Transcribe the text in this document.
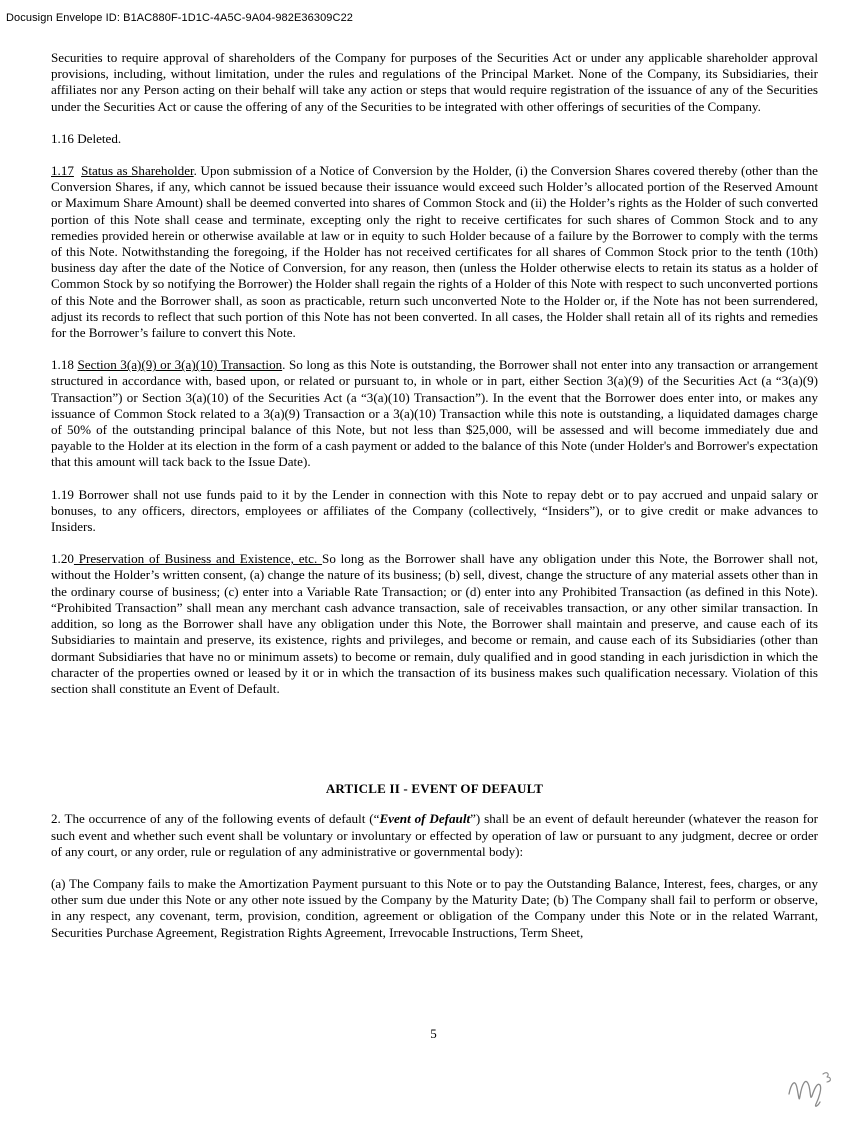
Docusign Envelope ID: B1AC880F-1D1C-4A5C-9A04-982E36309C22

Securities to require approval of shareholders of the Company for purposes of the Securities Act or under any applicable shareholder approval provisions, including, without limitation, under the rules and regulations of the Principal Market. None of the Company, its Subsidiaries, their affiliates nor any Person acting on their behalf will take any action or steps that would require registration of the issuance of any of the Securities under the Securities Act or cause the offering of any of the Securities to be integrated with other offerings of securities of the Company.

1.16 Deleted.

1.17 Status as Shareholder. Upon submission of a Notice of Conversion by the Holder, (i) the Conversion Shares covered thereby (other than the Conversion Shares, if any, which cannot be issued because their issuance would exceed such Holder’s allocated portion of the Reserved Amount or Maximum Share Amount) shall be deemed converted into shares of Common Stock and (ii) the Holder’s rights as the Holder of such converted portion of this Note shall cease and terminate, excepting only the right to receive certificates for such shares of Common Stock and to any remedies provided herein or otherwise available at law or in equity to such Holder because of a failure by the Borrower to comply with the terms of this Note. Notwithstanding the foregoing, if the Holder has not received certificates for all shares of Common Stock prior to the tenth (10th) business day after the date of the Notice of Conversion, for any reason, then (unless the Holder otherwise elects to retain its status as a holder of Common Stock by so notifying the Borrower) the Holder shall regain the rights of a Holder of this Note with respect to such unconverted portions of this Note and the Borrower shall, as soon as practicable, return such unconverted Note to the Holder or, if the Note has not been surrendered, adjust its records to reflect that such portion of this Note has not been converted. In all cases, the Holder shall retain all of its rights and remedies for the Borrower’s failure to convert this Note.

1.18 Section 3(a)(9) or 3(a)(10) Transaction. So long as this Note is outstanding, the Borrower shall not enter into any transaction or arrangement structured in accordance with, based upon, or related or pursuant to, in whole or in part, either Section 3(a)(9) of the Securities Act (a “3(a)(9) Transaction”) or Section 3(a)(10) of the Securities Act (a “3(a)(10) Transaction”). In the event that the Borrower does enter into, or makes any issuance of Common Stock related to a 3(a)(9) Transaction or a 3(a)(10) Transaction while this note is outstanding, a liquidated damages charge of 50% of the outstanding principal balance of this Note, but not less than $25,000, will be assessed and will become immediately due and payable to the Holder at its election in the form of a cash payment or added to the balance of this Note (under Holder's and Borrower's expectation that this amount will tack back to the Issue Date).

1.19 Borrower shall not use funds paid to it by the Lender in connection with this Note to repay debt or to pay accrued and unpaid salary or bonuses, to any officers, directors, employees or affiliates of the Company (collectively, “Insiders”), or to give credit or make advances to Insiders.

1.20 Preservation of Business and Existence, etc. So long as the Borrower shall have any obligation under this Note, the Borrower shall not, without the Holder’s written consent, (a) change the nature of its business; (b) sell, divest, change the structure of any material assets other than in the ordinary course of business; (c) enter into a Variable Rate Transaction; or (d) enter into any Prohibited Transaction (as defined in this Note). “Prohibited Transaction” shall mean any merchant cash advance transaction, sale of receivables transaction, or any other similar transaction. In addition, so long as the Borrower shall have any obligation under this Note, the Borrower shall maintain and preserve, and cause each of its Subsidiaries to maintain and preserve, its existence, rights and privileges, and become or remain, and cause each of its Subsidiaries (other than dormant Subsidiaries that have no or minimum assets) to become or remain, duly qualified and in good standing in each jurisdiction in which the character of the properties owned or leased by it or in which the transaction of its business makes such qualification necessary. Violation of this section shall constitute an Event of Default.

ARTICLE II - EVENT OF DEFAULT

2. The occurrence of any of the following events of default (“Event of Default”) shall be an event of default hereunder (whatever the reason for such event and whether such event shall be voluntary or involuntary or effected by operation of law or pursuant to any judgment, decree or order of any court, or any order, rule or regulation of any administrative or governmental body):

(a) The Company fails to make the Amortization Payment pursuant to this Note or to pay the Outstanding Balance, Interest, fees, charges, or any other sum due under this Note or any other note issued by the Company by the Maturity Date; (b) The Company shall fail to perform or observe, in any respect, any covenant, term, provision, condition, agreement or obligation of the Company under this Note or in the related Warrant, Securities Purchase Agreement, Registration Rights Agreement, Irrevocable Instructions, Term Sheet,

5
